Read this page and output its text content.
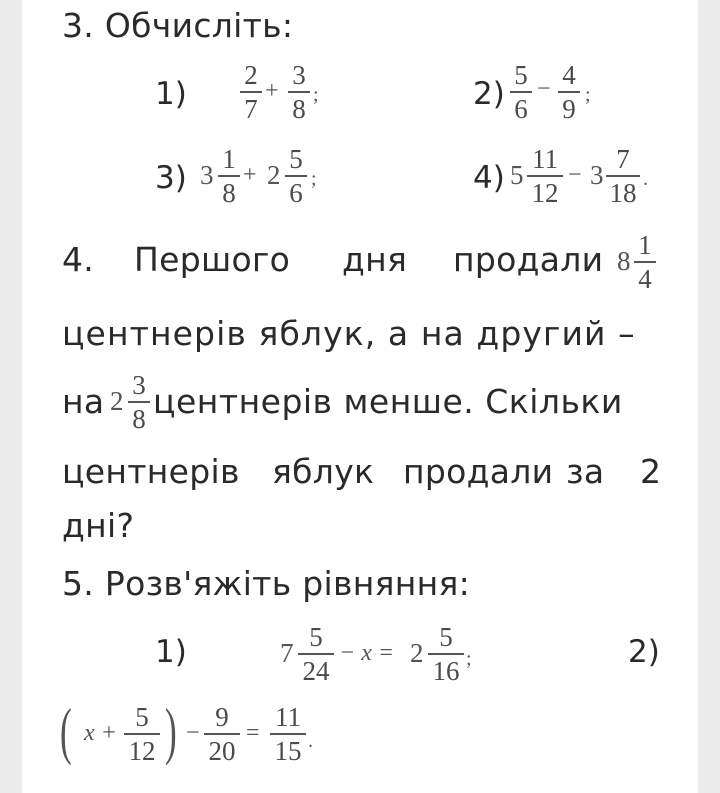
3. Обчисліть:
1)
2
7
+
3
8 ;	2)
5
6
− 4
9 ;
3) 3
1
8
+ 2
5
6 ;	4) 5
11
12
− 3
7
18 .
4. Першого дня продали 8
1
4
центнерів яблук, а на другий –
на 2
3
8 центнерів менше. Скільки
центнерів яблук продали за 2
дні?
5. Розв'яжіть рівняння:
1)	7
5
24
− x = 2
5
16 ;	2)
( x +
5
12 ) −
9
20
=
11
15 .
